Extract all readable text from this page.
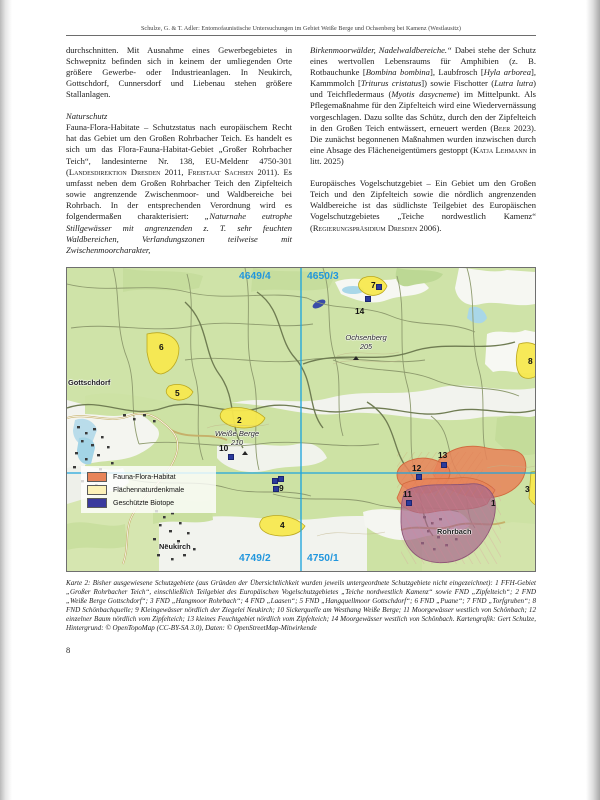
Schulze, G. & T. Adler: Entomofaunistische Untersuchungen im Gebiet Weiße Berge und Ochsenberg bei Kamenz (Westlausitz)

durchschnitten. Mit Ausnahme eines Gewerbegebietes in Schwepnitz befinden sich in keinem der umliegenden Orte größere Gewerbe- oder Industrieanlagen. In Neukirch, Gottschdorf, Cunnersdorf und Liebenau stehen größere Stallanlagen.

Naturschutz

Fauna-Flora-Habitate – Schutzstatus nach europäischem Recht hat das Gebiet um den Großen Rohrbacher Teich. Es handelt es sich um das Flora-Fauna-Habitat-Gebiet „Großer Rohrbacher Teich“, landesinterne Nr. 138, EU-Meldenr 4750-301 (Landesdirektion Dresden 2011, Freistaat Sachsen 2011). Es umfasst neben dem Großen Rohrbacher Teich den Zipfelteich sowie angrenzende Zwischenmoor- und Waldbereiche bei Rohrbach. In der entsprechenden Verordnung wird es folgendermaßen charakterisiert: „Naturnahe eutrophe Stillgewässer mit angrenzenden z. T. sehr feuchten Waldbereichen, Verlandungszonen teilweise mit Zwischenmoorcharakter,

Birkenmoorwälder, Nadelwaldbereiche.“ Dabei stehe der Schutz eines wertvollen Lebensraums für Amphibien (z. B. Rotbauchunke [Bombina bombina], Laubfrosch [Hyla arborea], Kammmolch [Triturus cristatus]) sowie Fischotter (Lutra lutra) und Teichfledermaus (Myotis dasycneme) im Mittelpunkt. Als Pflegemaßnahme für den Zipfelteich wird eine Wiedervernässung vorgeschlagen. Dazu sollte das Schütz, durch den der Zipfelteich in den Großen Teich entwässert, erneuert werden (Beer 2023). Die zunächst begonnenen Maßnahmen wurden inzwischen durch eine Absage des Flächeneigentümers gestoppt (Katja Lehmann in litt. 2025)

Europäisches Vogelschutzgebiet – Ein Gebiet um den Großen Teich und den Zipfelteich sowie die nördlich angrenzenden Waldbereiche ist das südlichste Teilgebiet des Europäischen Vogelschutzgebietes „Teiche nordwestlich Kamenz“ (Regierungspräsidium Dresden 2006).

4649/4	4650/3
4749/2	4750/1
Gottschdorf
Neukirch
Rohrbach
Ochsenberg
205
Weiße Berge
210
1
2
3
4
5
6
7
8
9
10
11
12
13
14
Fauna-Flora-Habitat
Flächennaturdenkmale
Geschützte Biotope
Karte 2: Bisher ausgewiesene Schutzgebiete (aus Gründen der Übersichtlichkeit wurden jeweils untergeordnete Schutzgebiete nicht eingezeichnet): 1 FFH-Gebiet „Großer Rohrbacher Teich“, einschließlich Teilgebiet des Europäischen Vogelschutzgebietes „Teiche nordwestlich Kamenz“ sowie FND „Zipfelteich“; 2 FND „Weiße Berge Gottschdorf“; 3 FND „Hangmoor Rohrbach“; 4 FND „Laasen“; 5 FND „Hangquellmoor Gottschdorf“; 6 FND „Puane“; 7 FND „Torfgruben“; 8 FND Schönbachquelle; 9 Kleingewässer nördlich der Ziegelei Neukirch; 10 Sickerquelle am Westhang Weiße Berge; 11 Moorgewässer westlich von Schönbach; 12 einzelner Baum nördlich vom Zipfelteich; 13 kleines Feuchtgebiet nördlich vom Zipfelteich; 14 Moorgewässer westlich von Schönbach. Kartengrafik: Gert Schulze, Hintergrund: © OpenTopoMap (CC-BY-SA 3.0), Daten: © OpenStreetMap-Mitwirkende
8
